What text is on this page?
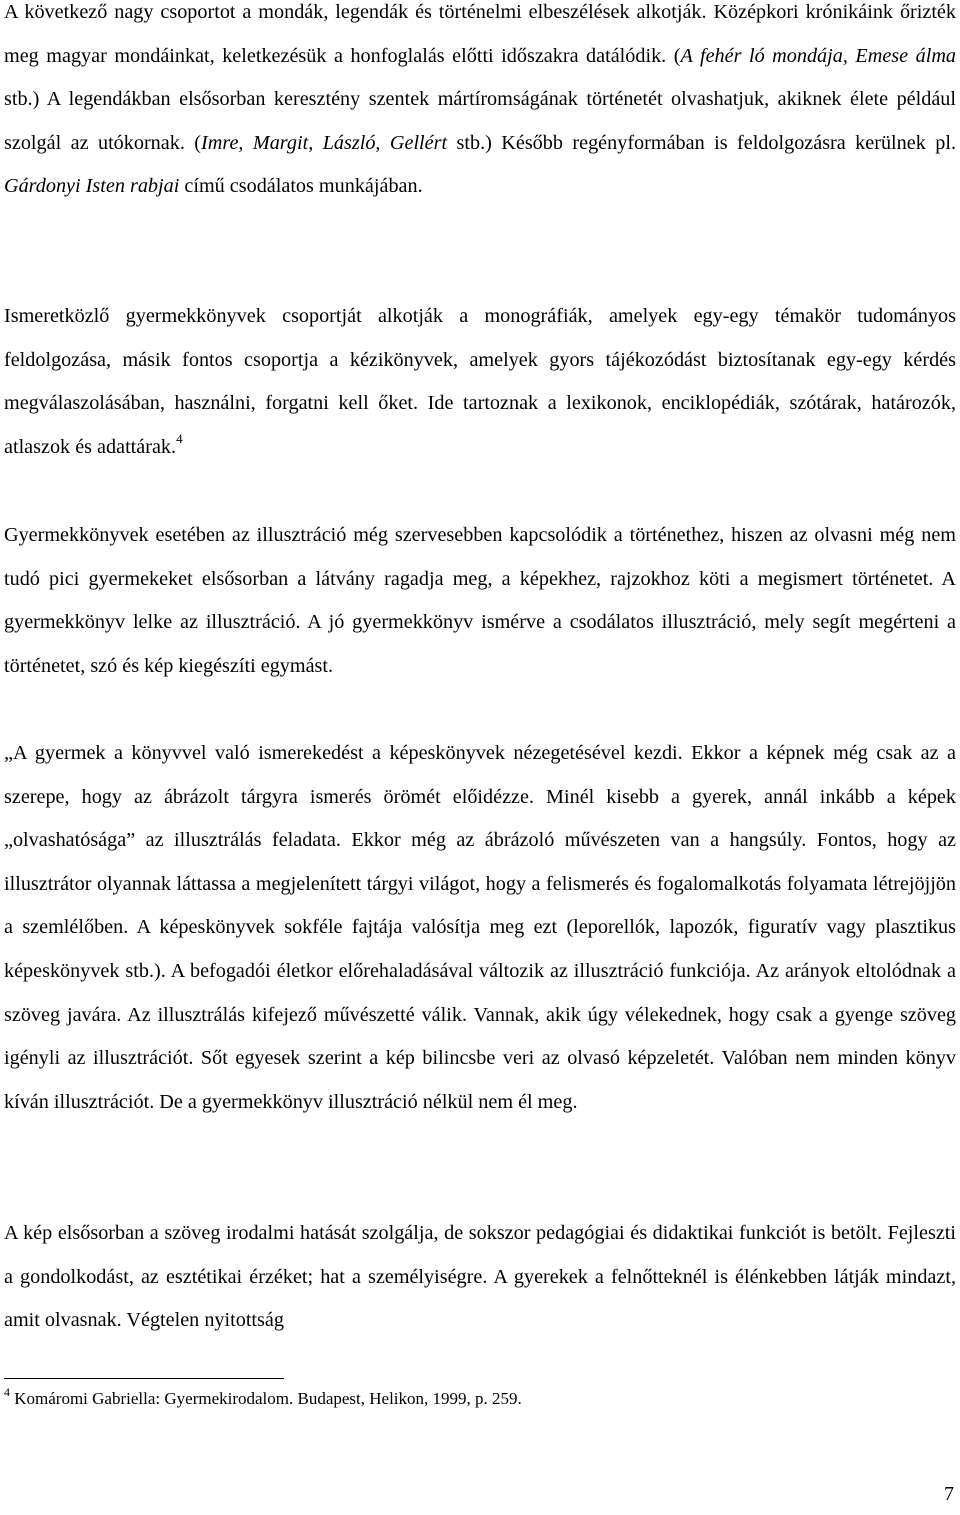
A következő nagy csoportot a mondák, legendák és történelmi elbeszélések alkotják. Középkori krónikáink őrizték meg magyar mondáinkat, keletkezésük a honfoglalás előtti időszakra datálódik. (A fehér ló mondája, Emese álma stb.) A legendákban elsősorban keresztény szentek mártíromságának történetét olvashatjuk, akiknek élete például szolgál az utókornak. (Imre, Margit, László, Gellért stb.) Később regényformában is feldolgozásra kerülnek pl. Gárdonyi Isten rabjai című csodálatos munkájában.

Ismeretközlő gyermekkönyvek csoportját alkotják a monográfiák, amelyek egy-egy témakör tudományos feldolgozása, másik fontos csoportja a kézikönyvek, amelyek gyors tájékozódást biztosítanak egy-egy kérdés megválaszolásában, használni, forgatni kell őket. Ide tartoznak a lexikonok, enciklopédiák, szótárak, határozók, atlaszok és adattárak.$^4$

Gyermekkönyvek esetében az illusztráció még szervesebben kapcsolódik a történethez, hiszen az olvasni még nem tudó pici gyermekeket elsősorban a látvány ragadja meg, a képekhez, rajzokhoz köti a megismert történetet. A gyermekkönyv lelke az illusztráció. A jó gyermekkönyv ismérve a csodálatos illusztráció, mely segít megérteni a történetet, szó és kép kiegészíti egymást.

„A gyermek a könyvvel való ismerekedést a képeskönyvek nézegetésével kezdi. Ekkor a képnek még csak az a szerepe, hogy az ábrázolt tárgyra ismerés örömét előidézze. Minél kisebb a gyerek, annál inkább a képek „olvashatósága” az illusztrálás feladata. Ekkor még az ábrázoló művészeten van a hangsúly. Fontos, hogy az illusztrátor olyannak láttassa a megjelenített tárgyi világot, hogy a felismerés és fogalomalkotás folyamata létrejöjjön a szemlélőben. A képeskönyvek sokféle fajtája valósítja meg ezt (leporellók, lapozók, figuratív vagy plasztikus képeskönyvek stb.). A befogadói életkor előrehaladásával változik az illusztráció funkciója. Az arányok eltolódnak a szöveg javára. Az illusztrálás kifejező művészetté válik. Vannak, akik úgy vélekednek, hogy csak a gyenge szöveg igényli az illusztrációt. Sőt egyesek szerint a kép bilincsbe veri az olvasó képzeletét. Valóban nem minden könyv kíván illusztrációt. De a gyermekkönyv illusztráció nélkül nem él meg.

A kép elsősorban a szöveg irodalmi hatását szolgálja, de sokszor pedagógiai és didaktikai funkciót is betölt. Fejleszti a gondolkodást, az esztétikai érzéket; hat a személyiségre. A gyerekek a felnőtteknél is élénkebben látják mindazt, amit olvasnak. Végtelen nyitottság

$^4$ Komáromi Gabriella: Gyermekirodalom. Budapest, Helikon, 1999, p. 259.
7
